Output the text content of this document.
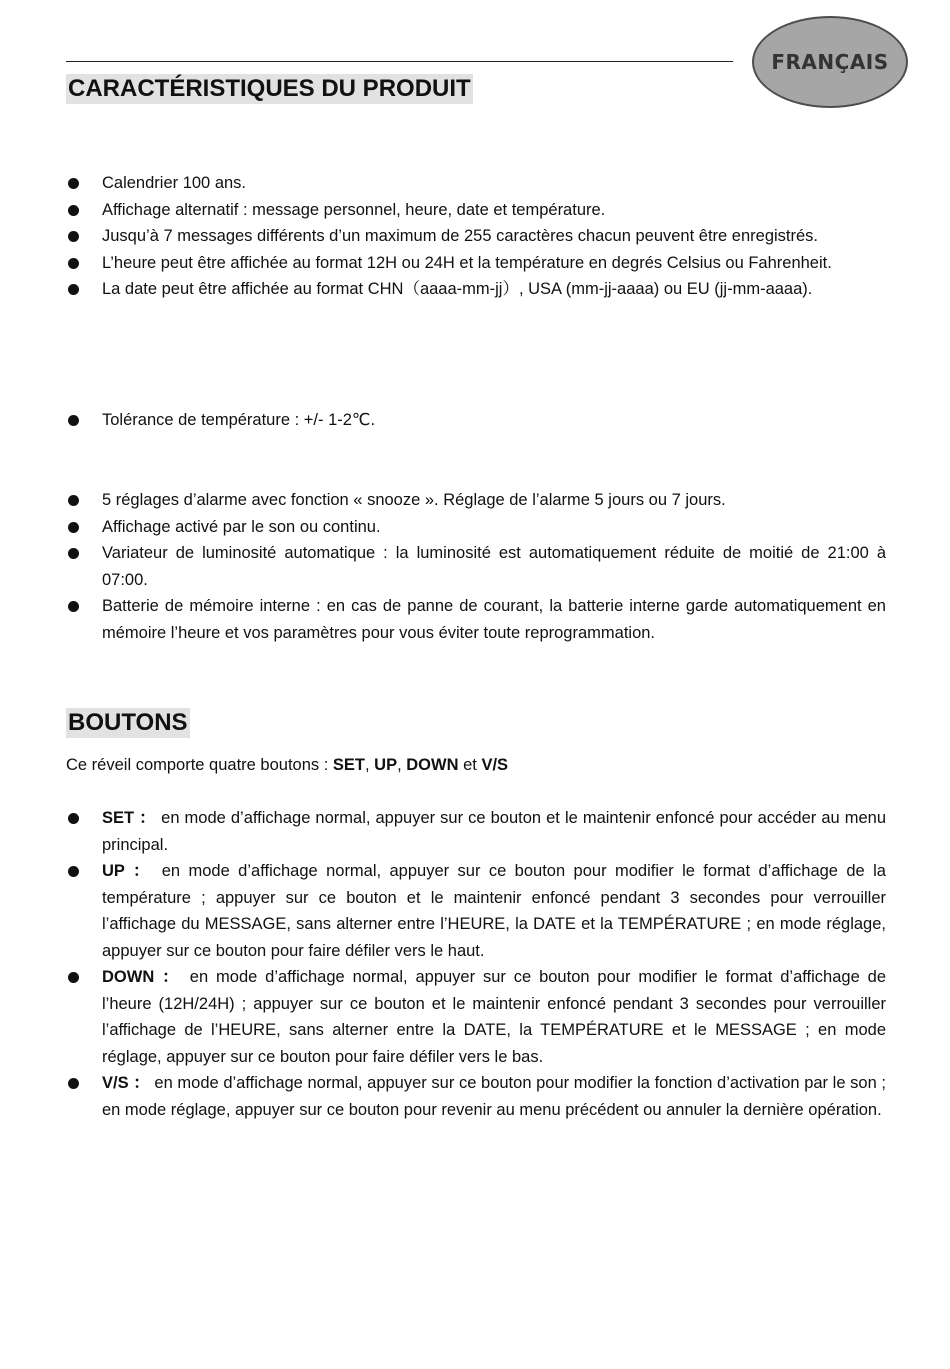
FRANÇAIS
CARACTÉRISTIQUES DU PRODUIT
Calendrier 100 ans.
Affichage alternatif : message personnel, heure, date et température.
Jusqu’à 7 messages différents d’un maximum de 255 caractères chacun peuvent être enregistrés.
L’heure peut être affichée au format 12H ou 24H et la température en degrés Celsius ou Fahrenheit.
La date peut être affichée au format CHN（aaaa-mm-jj）, USA (mm-jj-aaaa) ou EU (jj-mm-aaaa).
Tolérance de température : +/- 1-2℃.
5 réglages d’alarme avec fonction « snooze ». Réglage de l’alarme 5 jours ou 7 jours.
Affichage activé par le son ou continu.
Variateur de luminosité automatique : la luminosité est automatiquement réduite de moitié de 21:00 à 07:00.
Batterie de mémoire interne : en cas de panne de courant, la batterie interne garde automatiquement en mémoire l’heure et vos paramètres pour vous éviter toute reprogrammation.
BOUTONS

Ce réveil comporte quatre boutons : SET, UP, DOWN et V/S

SET ： en mode d’affichage normal, appuyer sur ce bouton et le maintenir enfoncé pour accéder au menu principal.
UP ： en mode d’affichage normal, appuyer sur ce bouton pour modifier le format d’affichage de la température ; appuyer sur ce bouton et le maintenir enfoncé pendant 3 secondes pour verrouiller l’affichage du MESSAGE, sans alterner entre l’HEURE, la DATE et la TEMPÉRATURE ; en mode réglage, appuyer sur ce bouton pour faire défiler vers le haut.
DOWN ： en mode d’affichage normal, appuyer sur ce bouton pour modifier le format d’affichage de l’heure (12H/24H) ; appuyer sur ce bouton et le maintenir enfoncé pendant 3 secondes pour verrouiller l’affichage de l’HEURE, sans alterner entre la DATE, la TEMPÉRATURE et le MESSAGE ; en mode réglage, appuyer sur ce bouton pour faire défiler vers le bas.
V/S ： en mode d’affichage normal, appuyer sur ce bouton pour modifier la fonction d’activation par le son ; en mode réglage, appuyer sur ce bouton pour revenir au menu précédent ou annuler la dernière opération.
